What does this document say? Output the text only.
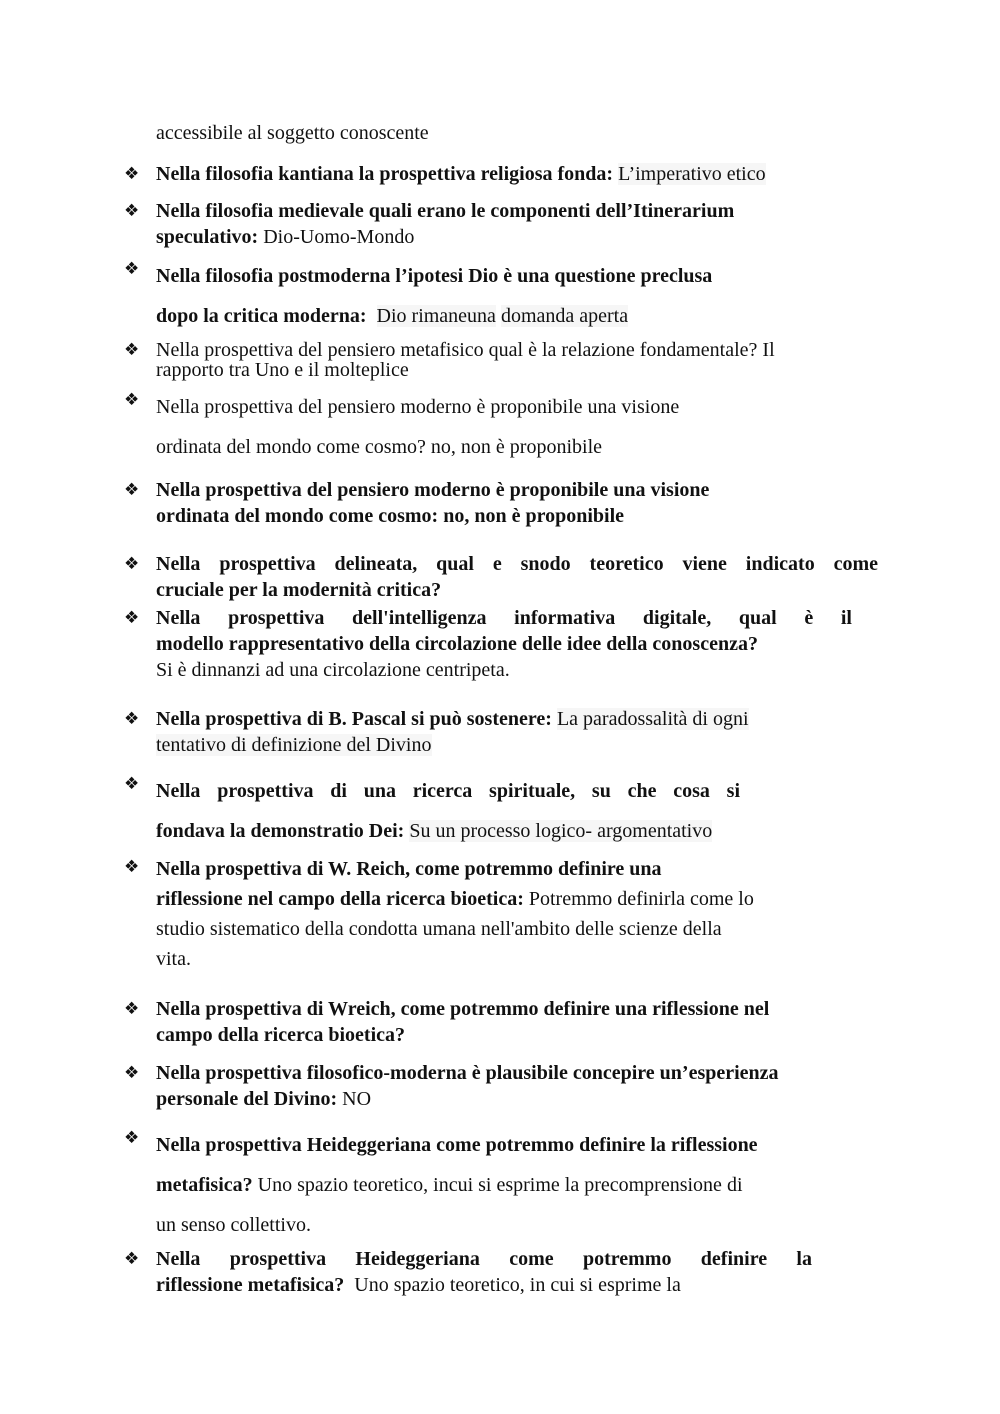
accessibile al soggetto conoscente
❖ Nella filosofia kantiana la prospettiva religiosa fonda: L’imperativo etico
❖ Nella filosofia medievale quali erano le componenti dell’Itinerarium
speculativo: Dio-Uomo-Mondo
❖ Nella filosofia postmoderna l’ipotesi Dio è una questione preclusa
dopo la critica moderna: Dio rimaneuna domanda aperta
❖ Nella prospettiva del pensiero metafisico qual è la relazione fondamentale? Il
rapporto tra Uno e il molteplice
❖ Nella prospettiva del pensiero moderno è proponibile una visione
ordinata del mondo come cosmo? no, non è proponibile
❖ Nella prospettiva del pensiero moderno è proponibile una visione
ordinata del mondo come cosmo: no, non è proponibile
❖ Nella prospettiva delineata, qual e snodo teoretico viene indicato come
cruciale per la modernità critica?
❖ Nella prospettiva dell'intelligenza informativa digitale, qual è il
modello rappresentativo della circolazione delle idee della conoscenza?
Si è dinnanzi ad una circolazione centripeta.
❖ Nella prospettiva di B. Pascal si può sostenere: La paradossalità di ogni
tentativo di definizione del Divino
❖ Nella prospettiva di una ricerca spirituale, su che cosa si
fondava la demonstratio Dei: Su un processo logico- argomentativo
❖ Nella prospettiva di W. Reich, come potremmo definire una
riflessione nel campo della ricerca bioetica: Potremmo definirla come lo
studio sistematico della condotta umana nell'ambito delle scienze della
vita.
❖ Nella prospettiva di Wreich, come potremmo definire una riflessione nel
campo della ricerca bioetica?
❖ Nella prospettiva filosofico-moderna è plausibile concepire un’esperienza
personale del Divino: NO
❖ Nella prospettiva Heideggeriana come potremmo definire la riflessione
metafisica? Uno spazio teoretico, incui si esprime la precomprensione di
un senso collettivo.
❖ Nella prospettiva Heideggeriana come potremmo definire la
riflessione metafisica? Uno spazio teoretico, in cui si esprime la
